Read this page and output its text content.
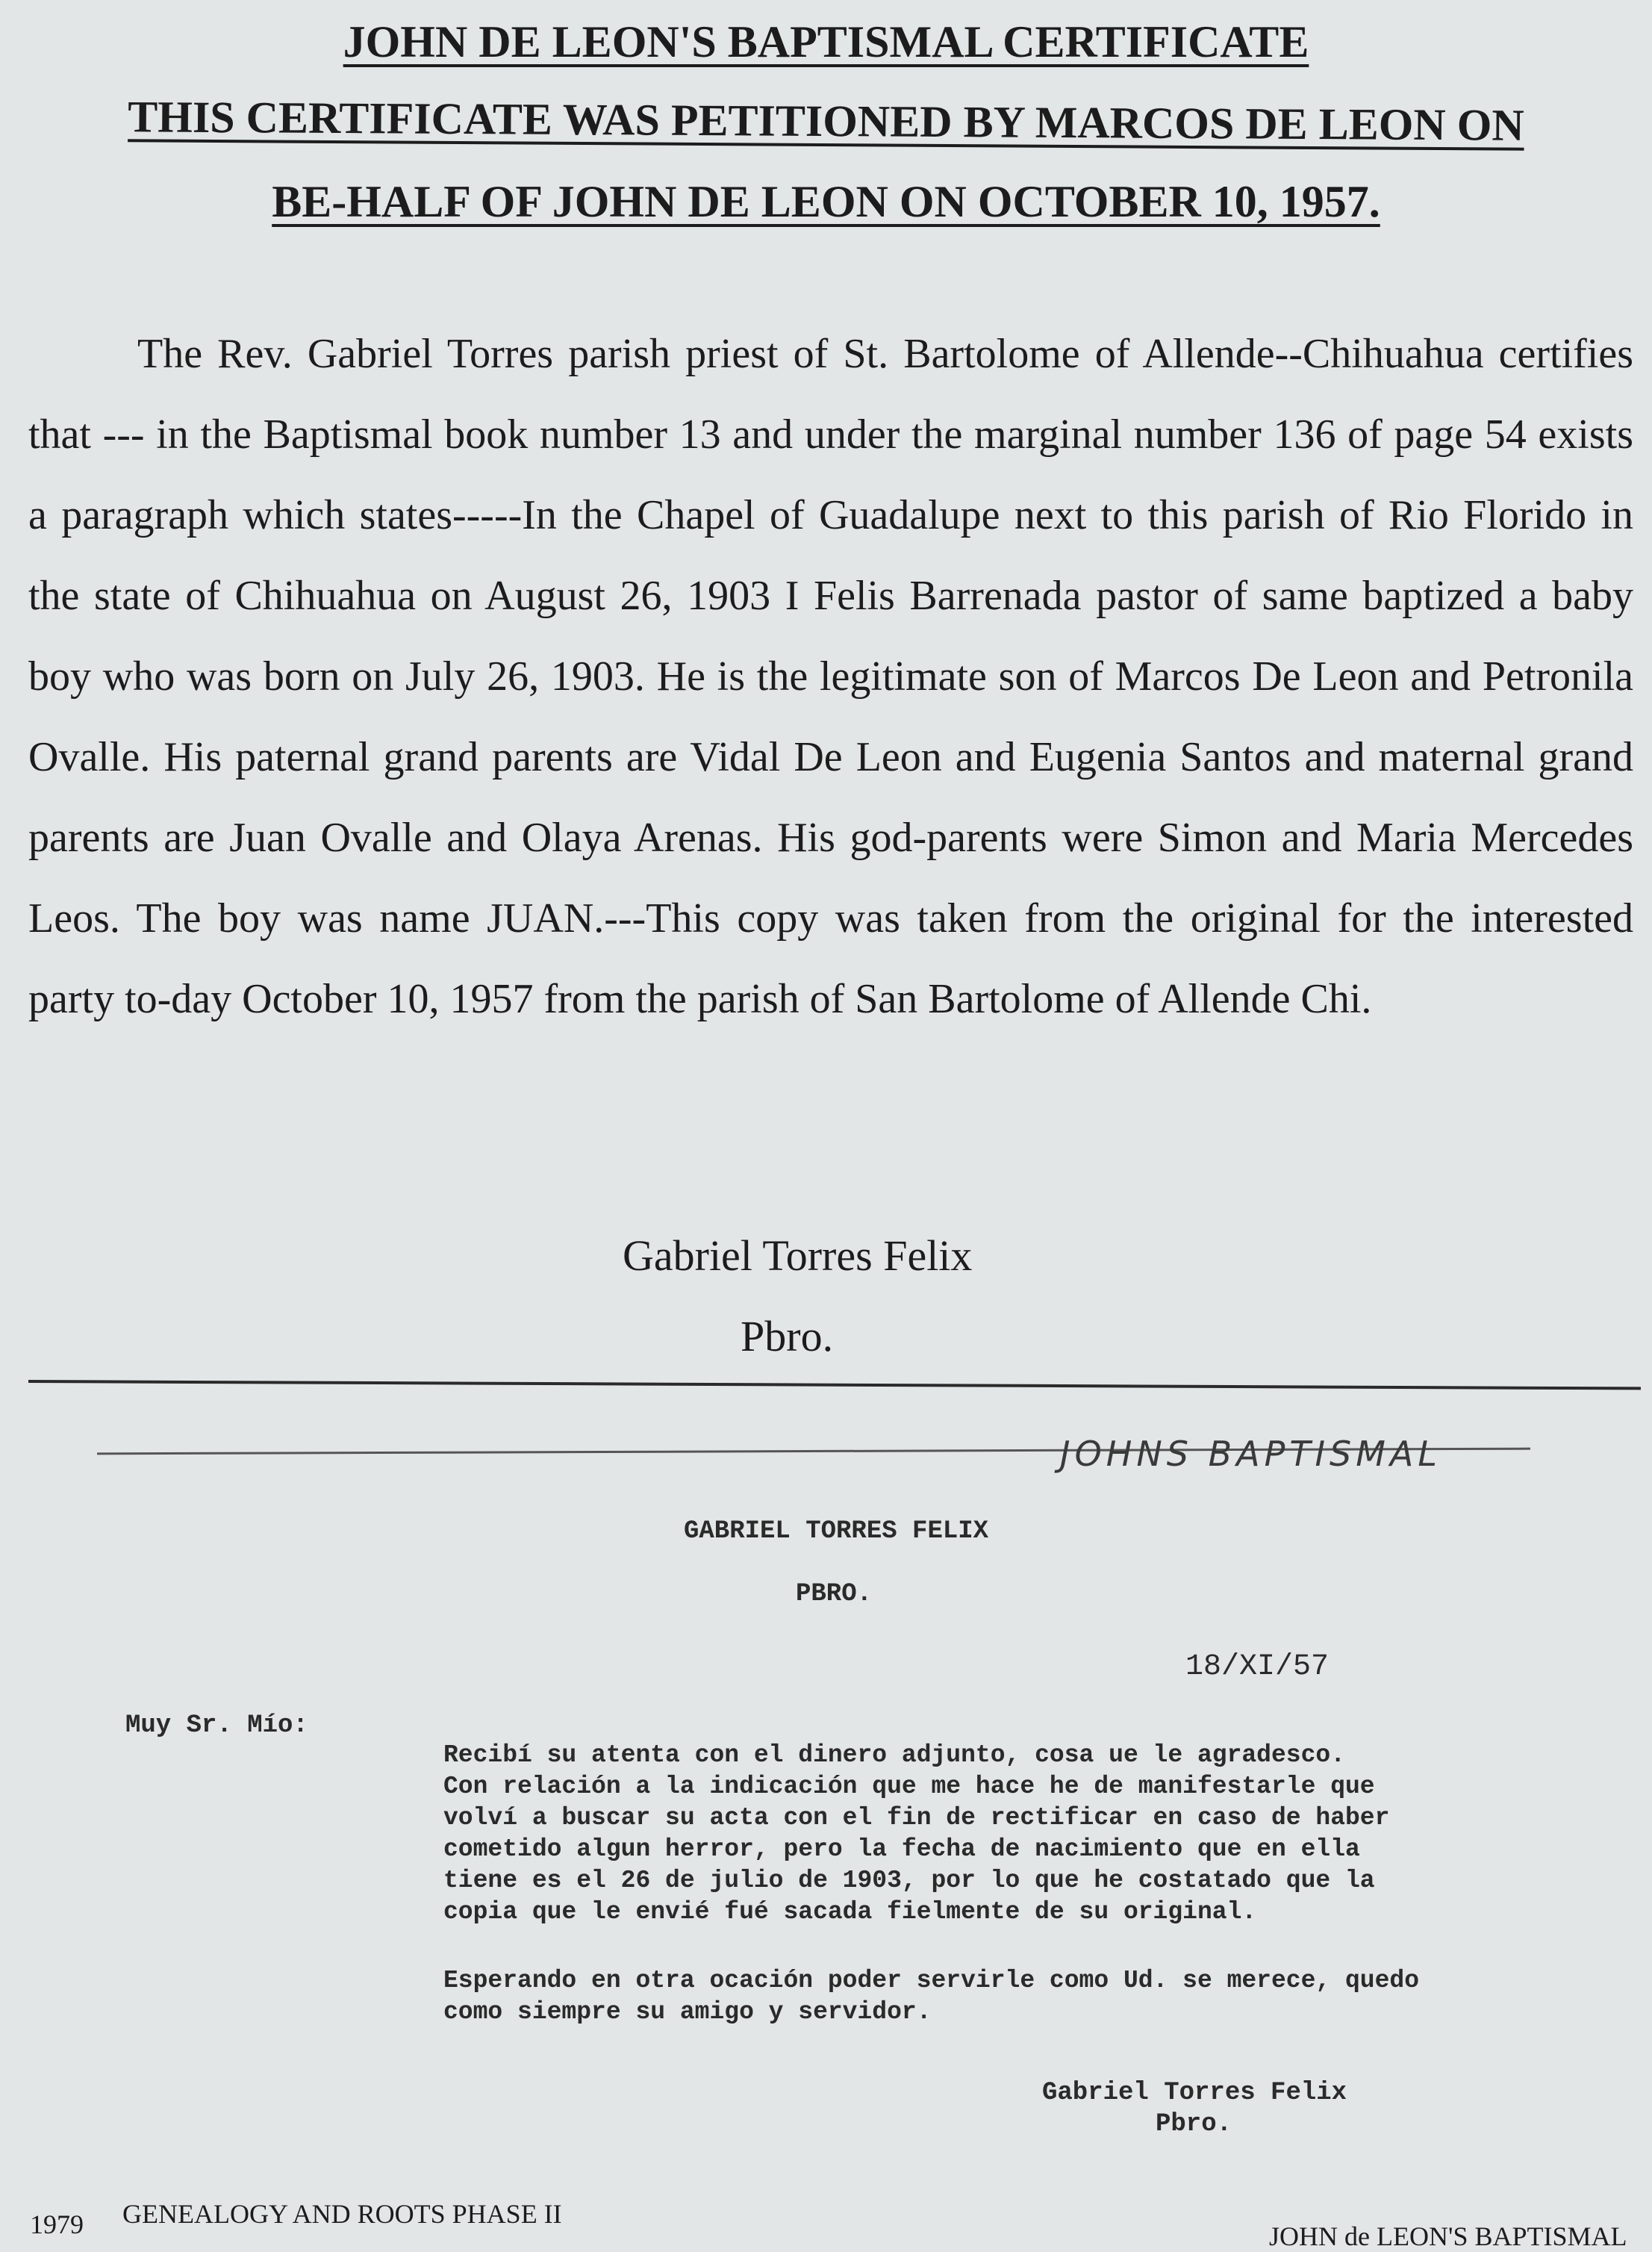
JOHN DE LEON'S BAPTISMAL CERTIFICATE
THIS CERTIFICATE WAS PETITIONED BY MARCOS DE LEON ON
BE-HALF OF JOHN DE LEON ON OCTOBER 10, 1957.
The Rev. Gabriel Torres parish priest of St. Bartolome of Allende--Chihuahua certifies that --- in the Baptismal book number 13 and under the marginal number 136 of page 54 exists a paragraph which states-----In the Chapel of Guadalupe next to this parish of Rio Florido in the state of Chihuahua on August 26, 1903 I Felis Barrenada pastor of same baptized a baby boy who was born on July 26, 1903. He is the legitimate son of Marcos De Leon and Petronila Ovalle. His paternal grand parents are Vidal De Leon and Eugenia Santos and maternal grand parents are Juan Ovalle and Olaya Arenas. His god-parents were Simon and Maria Mercedes Leos. The boy was name JUAN.---This copy was taken from the original for the interested party to-day October 10, 1957 from the parish of San Bartolome of Allende Chi.
Gabriel Torres Felix
Pbro.
JOHNS BAPTISMAL
GABRIEL TORRES FELIX
PBRO.
18/XI/57
Muy Sr. Mío:
Recibí su atenta con el dinero adjunto, cosa ue le agradesco.
Con relación a la indicación que me hace he de manifestarle que
volví a buscar su acta con el fin de rectificar en caso de haber
cometido algun herror, pero la fecha de nacimiento que en ella
tiene es el 26 de julio de 1903, por lo que he costatado que la
copia que le envié fué sacada fielmente de su original.
Esperando en otra ocación poder servirle como Ud. se merece, quedo
como siempre su amigo y servidor.
Gabriel Torres Felix
Pbro.
1979 GENEALOGY AND ROOTS PHASE II
JOHN de LEON'S BAPTISMAL
